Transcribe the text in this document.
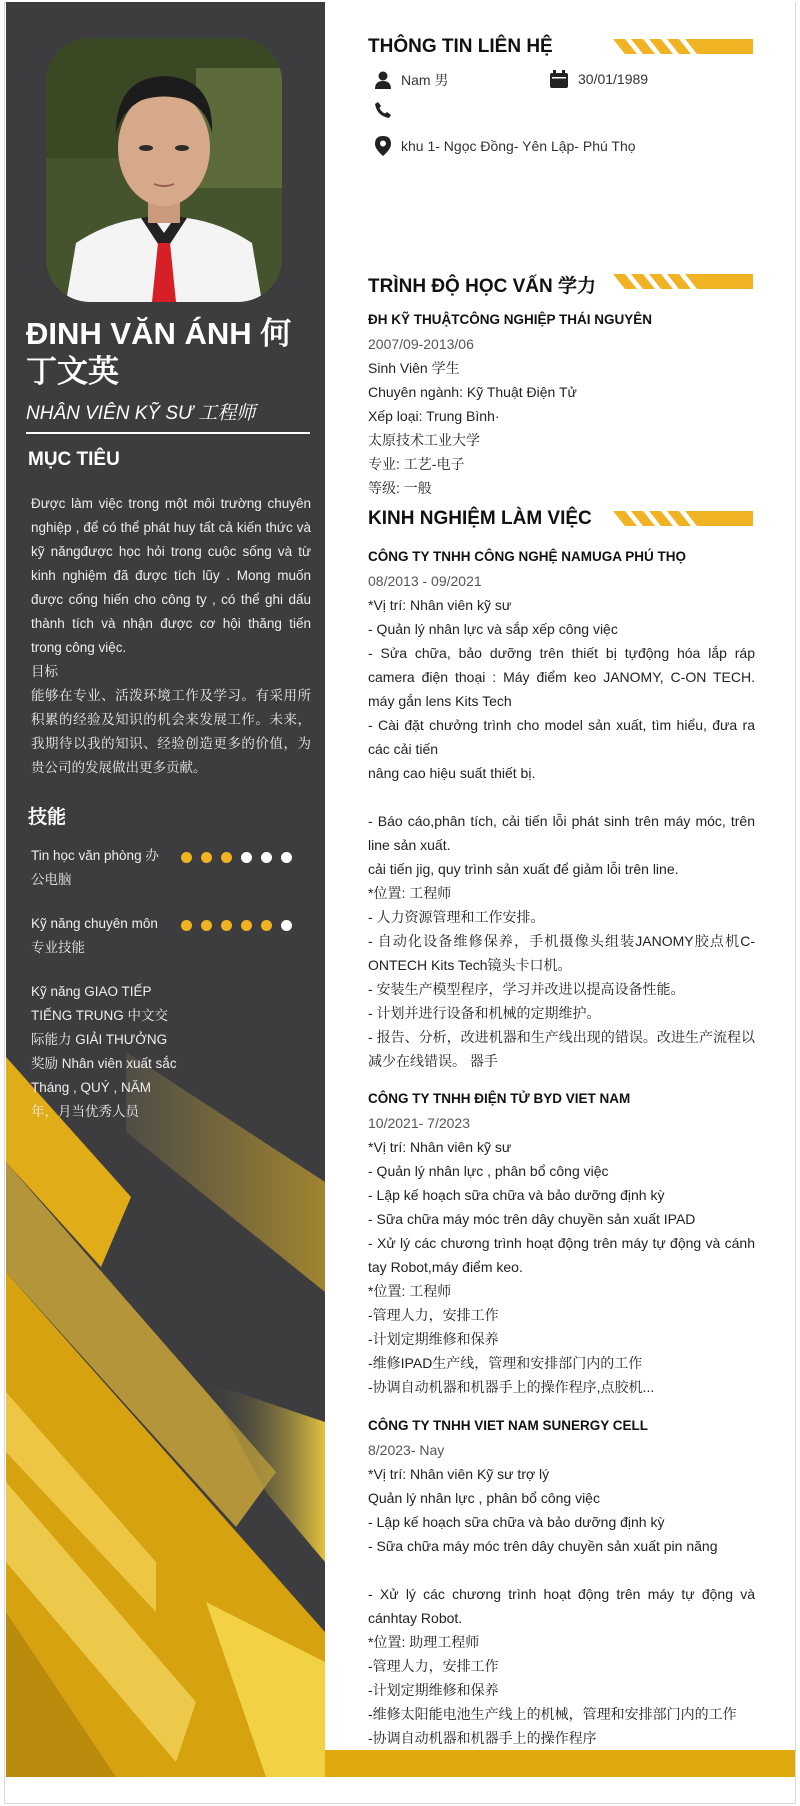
ĐINH VĂN ÁNH 何丁文英
NHÂN VIÊN KỸ SƯ 工程师
MỤC TIÊU

Được làm việc trong một môi trường chuyên nghiệp , để có thể phát huy tất cả kiến thức và kỹ năngđược học hỏi trong cuộc sống và từ kinh nghiệm đã được tích lũy . Mong muốn được cống hiến cho công ty , có thể ghi dấu thành tích và nhận được cơ hội thăng tiến trong công việc.

目标

能够在专业、活泼环境工作及学习。有采用所积累的经验及知识的机会来发展工作。未来，我期待以我的知识、经验创造更多的价值，为贵公司的发展做出更多贡献。

技能
Tin học văn phòng 办公电脑
Kỹ năng chuyên môn 专业技能
Kỹ năng GIAO TIẾP TIẾNG TRUNG 中文交际能力 GIẢI THƯỞNG 奖励 Nhân viên xuất sắc Tháng , QUÝ , NĂM 年，月当优秀人员
THÔNG TIN LIÊN HỆ
Nam 男	30/01/1989
khu 1- Ngọc Đồng- Yên Lập- Phú Thọ
TRÌNH ĐỘ HỌC VẤN 学力

ĐH KỸ THUẬTCÔNG NGHIỆP THÁI NGUYÊN

2007/09-2013/06

Sinh Viên 学生

Chuyên ngành: Kỹ Thuật Điện Tử

Xếp loại: Trung Bình·

太原技术工业大学

专业: 工艺-电子

等级: 一般

KINH NGHIỆM LÀM VIỆC

CÔNG TY TNHH CÔNG NGHỆ NAMUGA PHÚ THỌ

08/2013 - 09/2021

*Vị trí: Nhân viên kỹ sư

- Quản lý nhân lực và sắp xếp công việc

- Sửa chữa, bảo dưỡng trên thiết bị tựđộng hóa lắp ráp camera điện thoại : Máy điểm keo JANOMY, C-ON TECH. máy gắn lens Kits Tech

- Cài đặt chưởng trình cho model sản xuất, tìm hiểu, đưa ra các cải tiến

nâng cao hiệu suất thiết bị.

- Báo cáo,phân tích, cải tiến lỗi phát sinh trên máy móc, trên line sản xuất.

cải tiến jig, quy trình sản xuất để giảm lỗi trên line.

*位置: 工程师

- 人力资源管理和工作安排。

- 自动化设备维修保养，手机摄像头组装JANOMY胶点机C-ONTECH Kits Tech镜头卡口机。

- 安装生产模型程序，学习并改进以提高设备性能。

- 计划并进行设备和机械的定期维护。

- 报告、分析，改进机器和生产线出现的错误。改进生产流程以减少在线错误。 器手

CÔNG TY TNHH ĐIỆN TỬ BYD VIET NAM

10/2021- 7/2023

*Vị trí: Nhân viên kỹ sư

- Quản lý nhân lực , phân bổ công việc

- Lập kế hoạch sữa chữa và bảo dưỡng định kỳ

- Sữa chữa máy móc trên dây chuyền sản xuất IPAD

- Xử lý các chương trình hoạt động trên máy tự động và cánh tay Robot,máy điểm keo.

*位置: 工程师

-管理人力，安排工作

-计划定期维修和保养

-维修IPAD生产线，管理和安排部门内的工作

-协调自动机器和机器手上的操作程序,点胶机...

CÔNG TY TNHH VIET NAM SUNERGY CELL

8/2023- Nay

*Vị trí: Nhân viên Kỹ sư trợ lý

Quản lý nhân lực , phân bổ công việc

- Lập kế hoạch sữa chữa và bảo dưỡng định kỳ

- Sữa chữa máy móc trên dây chuyền sản xuất pin năng

- Xử lý các chương trình hoạt động trên máy tự động và cánhtay Robot.

*位置: 助理工程师

-管理人力，安排工作

-计划定期维修和保养

-维修太阳能电池生产线上的机械，管理和安排部门内的工作

-协调自动机器和机器手上的操作程序
